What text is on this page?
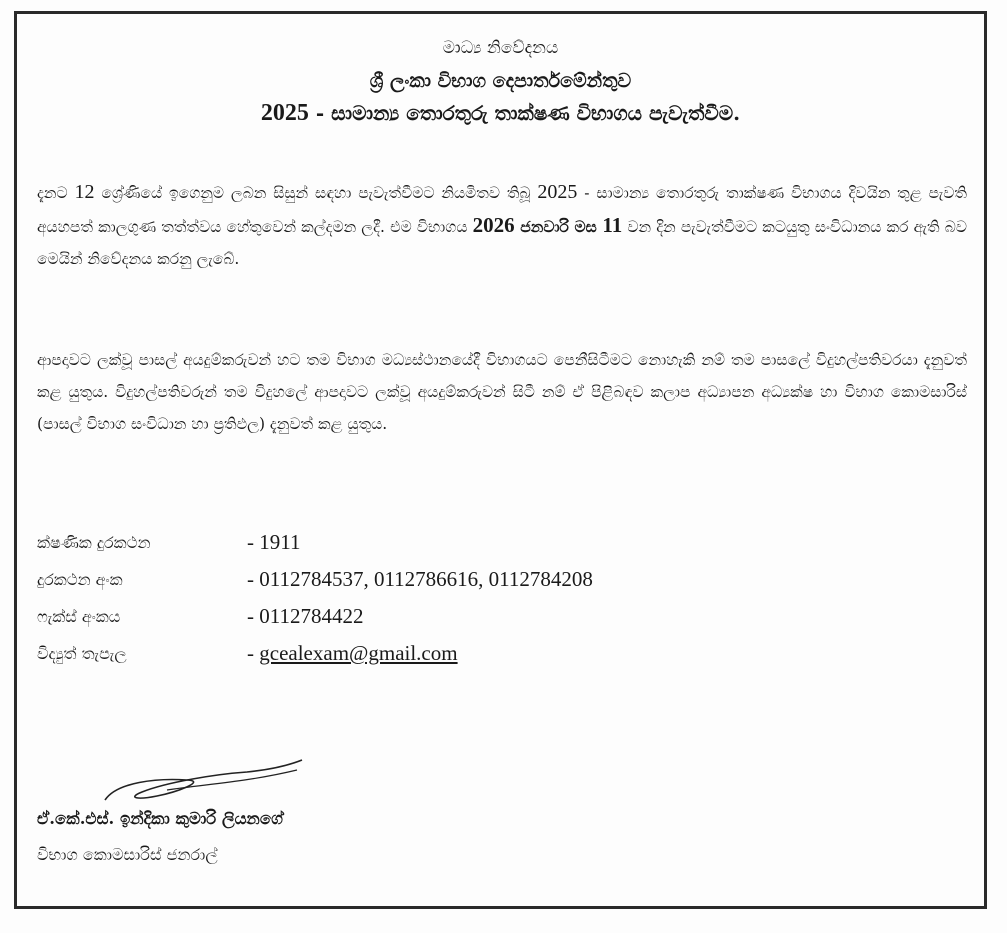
මාධ්‍ය නිවේදනය
ශ්‍රී ලංකා විභාග දෙපාර්තමේන්තුව
2025 - සාමාන්‍ය තොරතුරු තාක්ෂණ විභාගය පැවැත්වීම.
දැනට 12 ශ්‍රේණියේ ඉගෙනුම ලබන සිසුන් සඳහා පැවැත්වීමට නියමිතව තිබූ 2025 - සාමාන්‍ය තොරතුරු තාක්ෂණ විභාගය දිවයින තුළ පැවති අයහපත් කාලගුණ තත්ත්වය හේතුවෙන් කල්දමන ලදී. එම විභාගය 2026 ජනවාරි මස 11 වන දින පැවැත්වීමට කටයුතු සංවිධානය කර ඇති බව මෙයින් නිවේදනය කරනු ලැබේ.
ආපදාවට ලක්වූ පාසල් අයදුම්කරුවන් හට තම විභාග මධ්‍යස්ථානයේදී විභාගයට පෙනීසිටීමට නොහැකි නම් තම පාසලේ විදුහල්පතිවරයා දැනුවත් කළ යුතුය. විදුහල්පතිවරුන් තම විදුහලේ ආපදාවට ලක්වූ අයදුම්කරුවන් සිටී නම් ඒ පිළිබඳව කලාප අධ්‍යාපන අධ්‍යක්ෂ හා විභාග කොමසාරිස් (පාසල් විභාග සංවිධාන හා ප්‍රතිඵල) දැනුවත් කළ යුතුය.
ක්ෂණික දුරකථන	- 1911
දුරකථන අංක	- 0112784537, 0112786616, 0112784208
ෆැක්ස් අංකය	- 0112784422
විද්‍යුත් තැපැල	- gcealexam@gmail.com
ඒ.කේ.එස්. ඉන්දිකා කුමාරි ලියනගේ
විභාග කොමසාරිස් ජනරාල්
